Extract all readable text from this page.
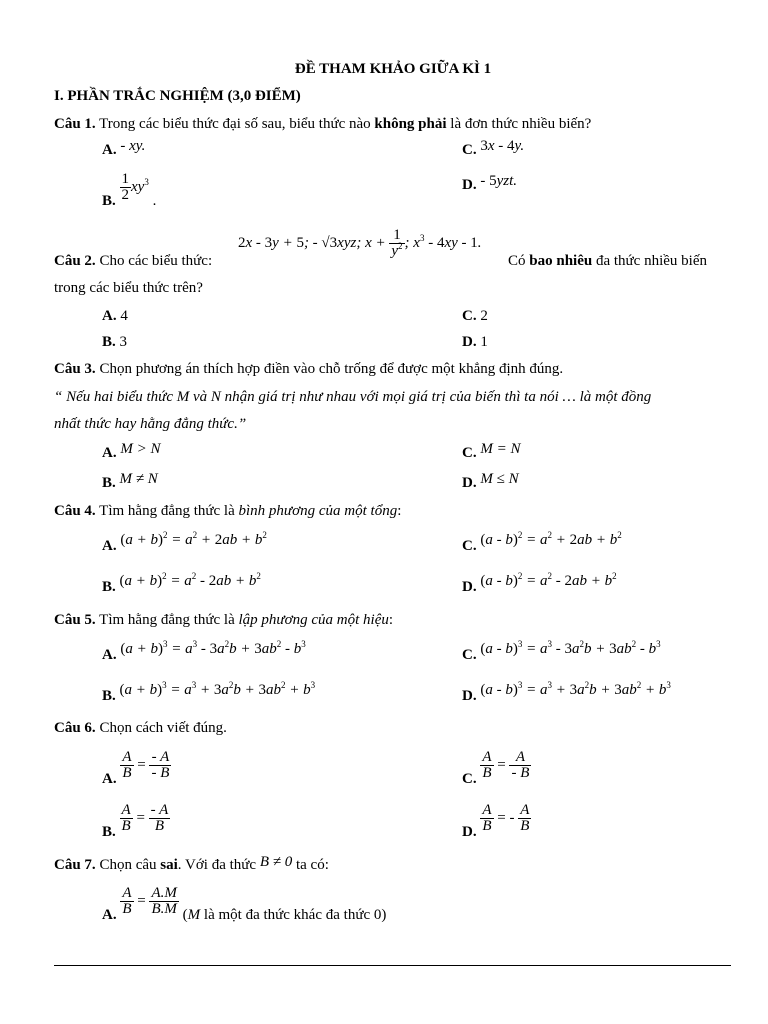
ĐỀ THAM KHẢO GIỮA KÌ 1
I. PHẦN TRẮC NGHIỆM (3,0 ĐIỂM)
Câu 1. Trong các biểu thức đại số sau, biểu thức nào không phải là đơn thức nhiều biến?
A. - xy.	C. 3x - 4y.
B. $\frac{1}{2} xy^3$ .
D. - 5yzt.
2x - 3y + 5; - √3xyz; $x + \frac{1}{y^2}$ ; $x^3 - 4xy - 1$.
Câu 2. Cho các biểu thức:	Có bao nhiêu đa thức nhiều biến
trong các biểu thức trên?
A. 4	C. 2
B. 3	D. 1
Câu 3. Chọn phương án thích hợp điền vào chỗ trống để được một khẳng định đúng.
“ Nếu hai biểu thức M và N nhận giá trị như nhau với mọi giá trị của biến thì ta nói … là một đồng
nhất thức hay hằng đẳng thức.”
A. M > N	C. M = N
B. M ≠ N	D. M ≤ N
Câu 4. Tìm hằng đẳng thức là bình phương của một tổng:
A. $(a + b)^2 = a^2 + 2ab + b^2$
C. $(a - b)^2 = a^2 + 2ab + b^2$
B. $(a + b)^2 = a^2 - 2ab + b^2$
D. $(a - b)^2 = a^2 - 2ab + b^2$
Câu 5. Tìm hằng đẳng thức là lập phương của một hiệu:
A. $(a + b)^3 = a^3 - 3a^2b + 3ab^2 - b^3$
C. $(a - b)^3 = a^3 - 3a^2b + 3ab^2 - b^3$
B. $(a + b)^3 = a^3 + 3a^2b + 3ab^2 + b^3$
D. $(a - b)^3 = a^3 + 3a^2b + 3ab^2 + b^3$
Câu 6. Chọn cách viết đúng.
A. $\frac{A}{B} = \frac{- A}{- B}$	C. $\frac{A}{B} = \frac{A}{- B}$
B. $\frac{A}{B} = \frac{- A}{B}$	D. $\frac{A}{B}$ = - $\frac{A}{B}$
Câu 7. Chọn câu sai. Với đa thức B ≠ 0 ta có:
A. $\frac{A}{B} = \frac{A.M}{B.M} (M$ là một đa thức khác đa thức 0)
